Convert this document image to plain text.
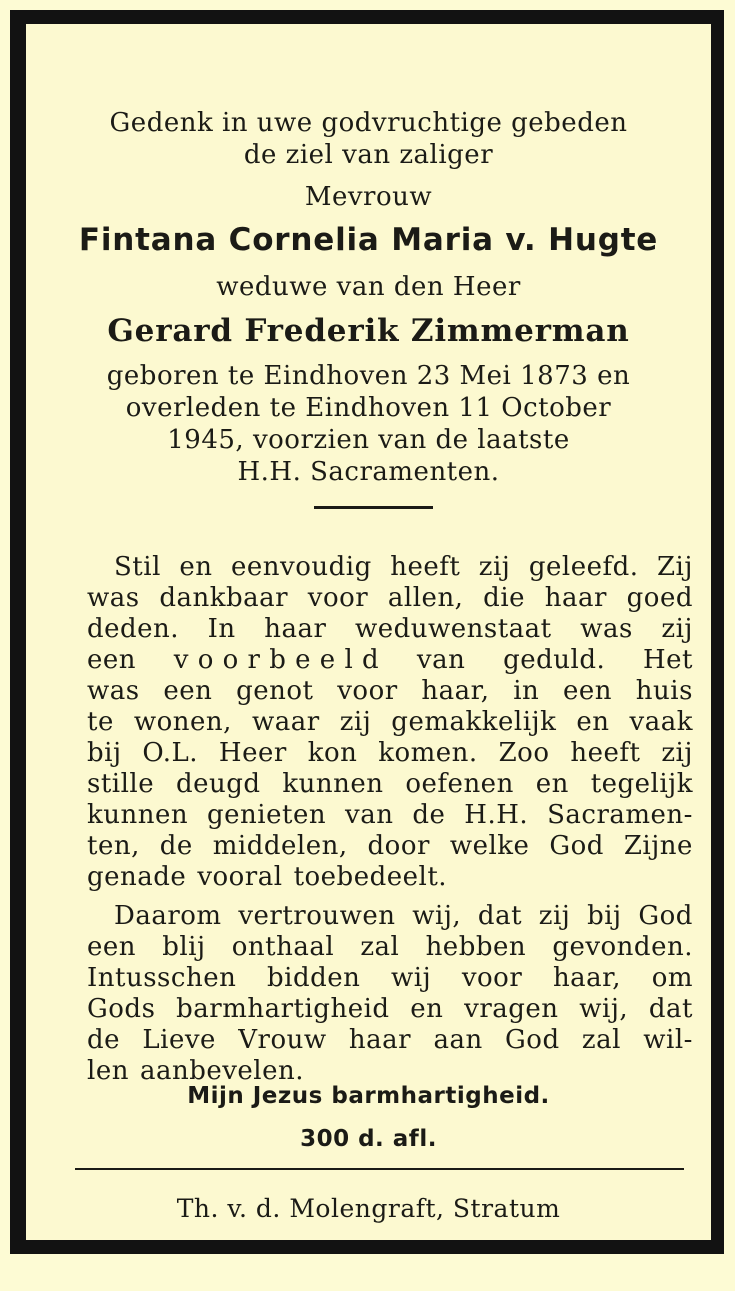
Gedenk in uwe godvruchtige gebeden
de ziel van zaliger
Mevrouw
Fintana Cornelia Maria v. Hugte
weduwe van den Heer
Gerard Frederik Zimmerman
geboren te Eindhoven 23 Mei 1873 en
overleden te Eindhoven 11 October
1945, voorzien van de laatste
H.H. Sacramenten.
Stil en eenvoudig heeft zij geleefd. Zij
was dankbaar voor allen, die haar goed
deden. In haar weduwenstaat was zij
een v o o r b e e l d van geduld. Het
was een genot voor haar, in een huis
te wonen, waar zij gemakkelijk en vaak
bij O.L. Heer kon komen. Zoo heeft zij
stille deugd kunnen oefenen en tegelijk
kunnen genieten van de H.H. Sacramen-
ten, de middelen, door welke God Zijne
genade vooral toebedeelt.
Daarom vertrouwen wij, dat zij bij God
een blij onthaal zal hebben gevonden.
Intusschen bidden wij voor haar, om
Gods barmhartigheid en vragen wij, dat
de Lieve Vrouw haar aan God zal wil-
len aanbevelen.
Mijn Jezus barmhartigheid.
300 d. afl.
Th. v. d. Molengraft, Stratum
